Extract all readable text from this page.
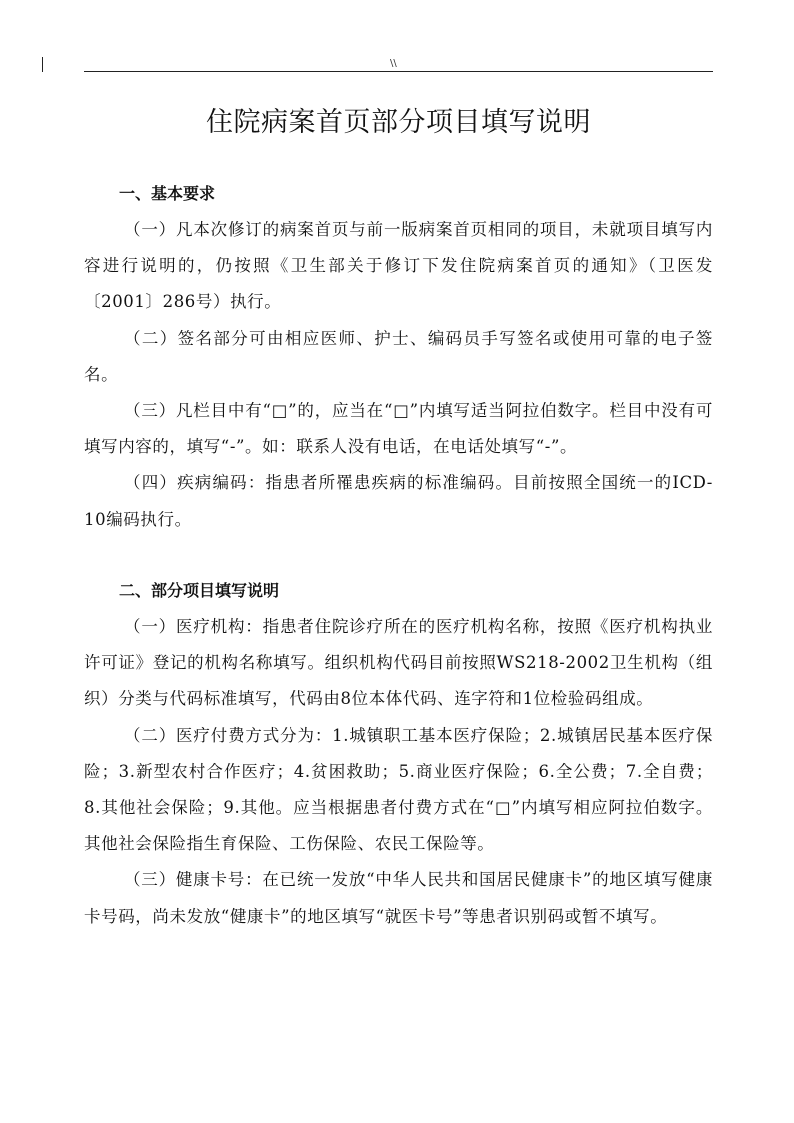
\\
住院病案首页部分项目填写说明
一、基本要求

（一）凡本次修订的病案首页与前一版病案首页相同的项目，未就项目填写内容进行说明的，仍按照《卫生部关于修订下发住院病案首页的通知》（卫医发〔2001〕286号）执行。

（二）签名部分可由相应医师、护士、编码员手写签名或使用可靠的电子签名。

（三）凡栏目中有“□”的，应当在“□”内填写适当阿拉伯数字。栏目中没有可填写内容的，填写“-”。如：联系人没有电话，在电话处填写“-”。

（四）疾病编码：指患者所罹患疾病的标准编码。目前按照全国统一的ICD-10编码执行。

二、部分项目填写说明

（一）医疗机构：指患者住院诊疗所在的医疗机构名称，按照《医疗机构执业许可证》登记的机构名称填写。组织机构代码目前按照WS218-2002卫生机构（组织）分类与代码标准填写，代码由8位本体代码、连字符和1位检验码组成。

（二）医疗付费方式分为：1.城镇职工基本医疗保险；2.城镇居民基本医疗保险；3.新型农村合作医疗；4.贫困救助；5.商业医疗保险；6.全公费；7.全自费；8.其他社会保险；9.其他。应当根据患者付费方式在“□”内填写相应阿拉伯数字。其他社会保险指生育保险、工伤保险、农民工保险等。

（三）健康卡号：在已统一发放“中华人民共和国居民健康卡”的地区填写健康卡号码，尚未发放“健康卡”的地区填写“就医卡号”等患者识别码或暂不填写。
